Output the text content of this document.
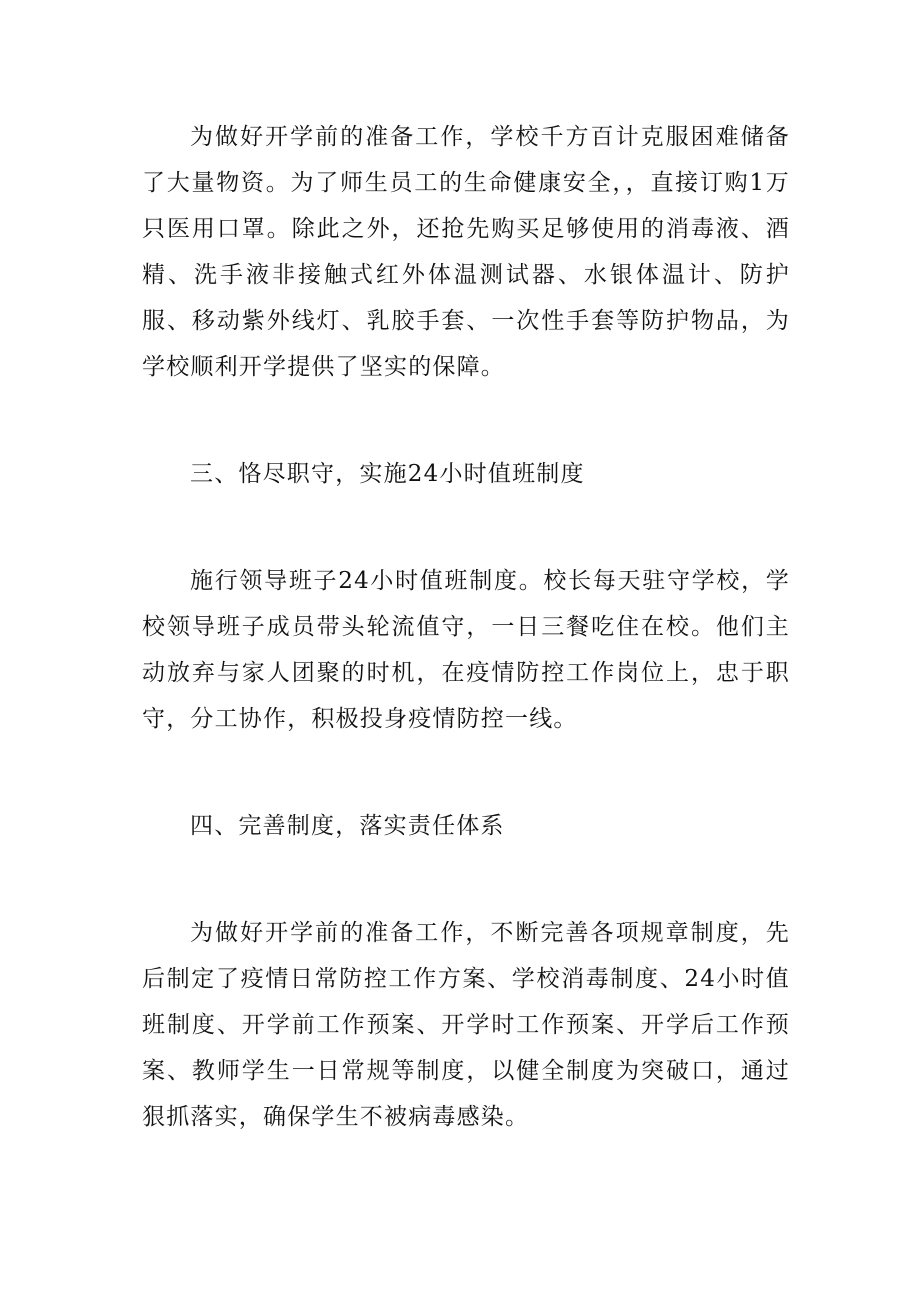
为做好开学前的准备工作，学校千方百计克服困难储备了大量物资。为了师生员工的生命健康安全，，直接订购1万只医用口罩。除此之外，还抢先购买足够使用的消毒液、酒精、洗手液非接触式红外体温测试器、水银体温计、防护服、移动紫外线灯、乳胶手套、一次性手套等防护物品，为学校顺利开学提供了坚实的保障。

三、恪尽职守，实施24小时值班制度

施行领导班子24小时值班制度。校长每天驻守学校，学校领导班子成员带头轮流值守，一日三餐吃住在校。他们主动放弃与家人团聚的时机，在疫情防控工作岗位上，忠于职守，分工协作，积极投身疫情防控一线。

四、完善制度，落实责任体系

为做好开学前的准备工作，不断完善各项规章制度，先后制定了疫情日常防控工作方案、学校消毒制度、24小时值班制度、开学前工作预案、开学时工作预案、开学后工作预案、教师学生一日常规等制度，以健全制度为突破口，通过狠抓落实，确保学生不被病毒感染。
